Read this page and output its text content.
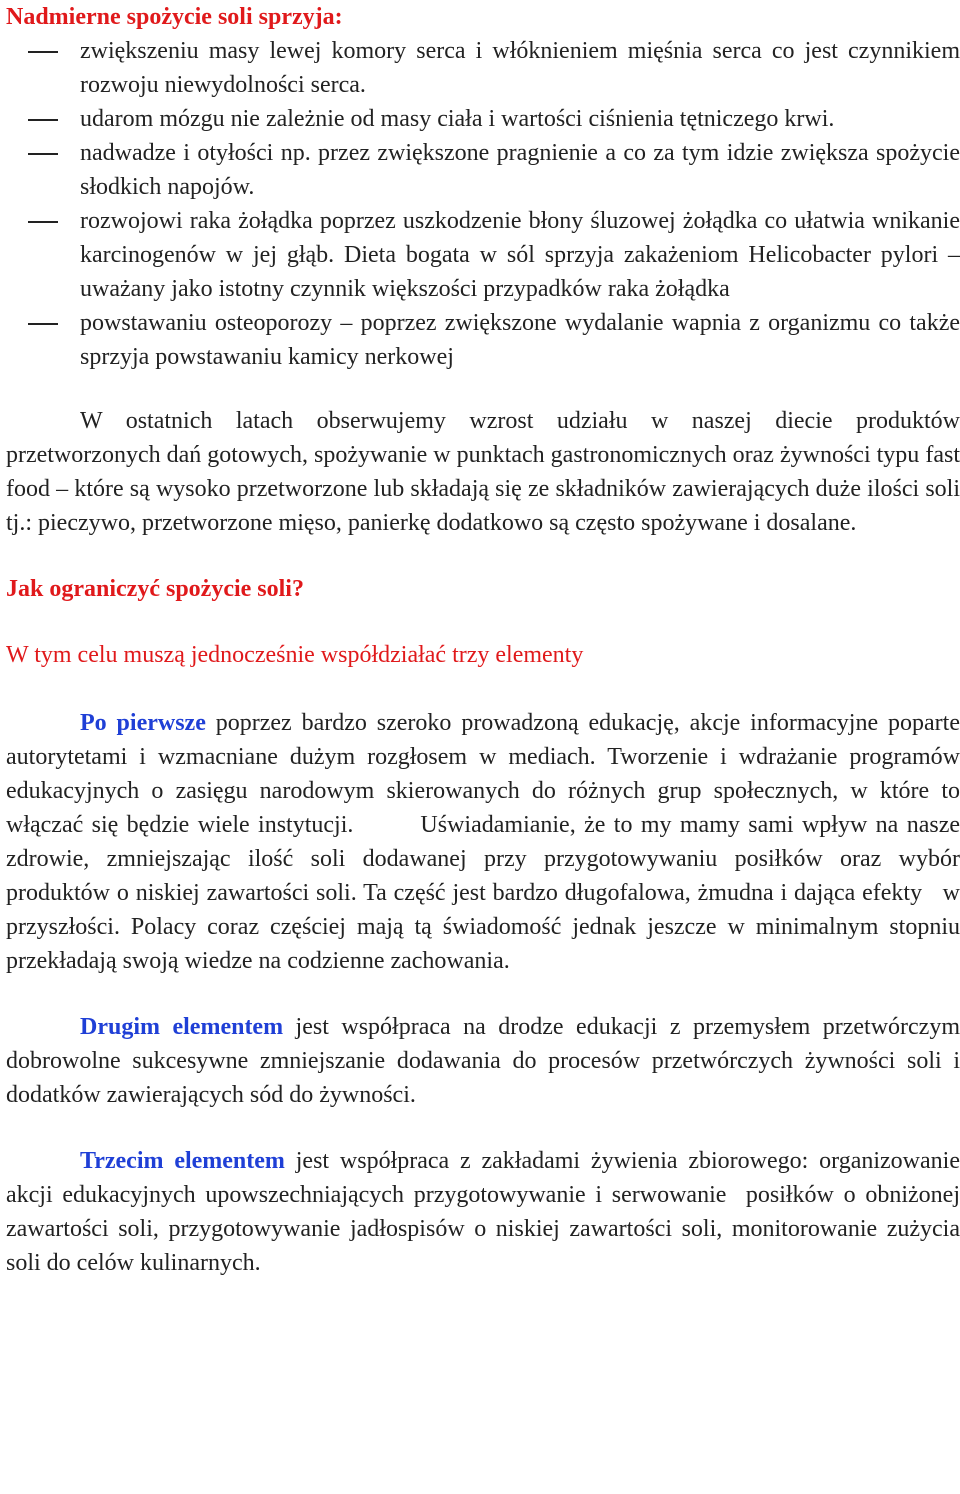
Nadmierne spożycie soli sprzyja:
zwiększeniu masy lewej komory serca i włóknieniem mięśnia serca co jest czynnikiem rozwoju niewydolności serca.
udarom mózgu nie zależnie od masy ciała i wartości ciśnienia tętniczego krwi.
nadwadze i otyłości np. przez zwiększone pragnienie a co za tym idzie zwiększa spożycie słodkich napojów.
rozwojowi raka żołądka poprzez uszkodzenie błony śluzowej żołądka co ułatwia wnikanie karcinogenów w jej głąb. Dieta bogata w sól sprzyja zakażeniom Helicobacter pylori – uważany jako istotny czynnik większości przypadków raka żołądka
powstawaniu osteoporozy – poprzez zwiększone wydalanie wapnia z organizmu co także sprzyja powstawaniu kamicy nerkowej

W ostatnich latach obserwujemy wzrost udziału w naszej diecie produktów przetworzonych dań gotowych, spożywanie w punktach gastronomicznych oraz żywności typu fast food – które są wysoko przetworzone lub składają się ze składników zawierających duże ilości soli tj.: pieczywo, przetworzone mięso, panierkę dodatkowo są często spożywane i dosalane.

Jak ograniczyć spożycie soli?
W tym celu muszą jednocześnie współdziałać trzy elementy

Po pierwsze poprzez bardzo szeroko prowadzoną edukację, akcje informacyjne poparte autorytetami i wzmacniane dużym rozgłosem w mediach. Tworzenie i wdrażanie programów edukacyjnych o zasięgu narodowym skierowanych do różnych grup społecznych, w które to włączać się będzie wiele instytucji.        Uświadamianie, że to my mamy sami wpływ na nasze zdrowie, zmniejszając ilość soli dodawanej przy przygotowywaniu posiłków oraz wybór produktów o niskiej zawartości soli. Ta część jest bardzo długofalowa, żmudna i dająca efekty   w przyszłości. Polacy coraz częściej mają tą świadomość jednak jeszcze w minimalnym stopniu przekładają swoją wiedze na codzienne zachowania.

Drugim elementem jest współpraca na drodze edukacji z przemysłem przetwórczym dobrowolne sukcesywne zmniejszanie dodawania do procesów przetwórczych żywności soli i dodatków zawierających sód do żywności.

Trzecim elementem jest współpraca z zakładami żywienia zbiorowego: organizowanie akcji edukacyjnych upowszechniających przygotowywanie i serwowanie  posiłków o obniżonej zawartości soli, przygotowywanie jadłospisów o niskiej zawartości soli, monitorowanie zużycia soli do celów kulinarnych.
